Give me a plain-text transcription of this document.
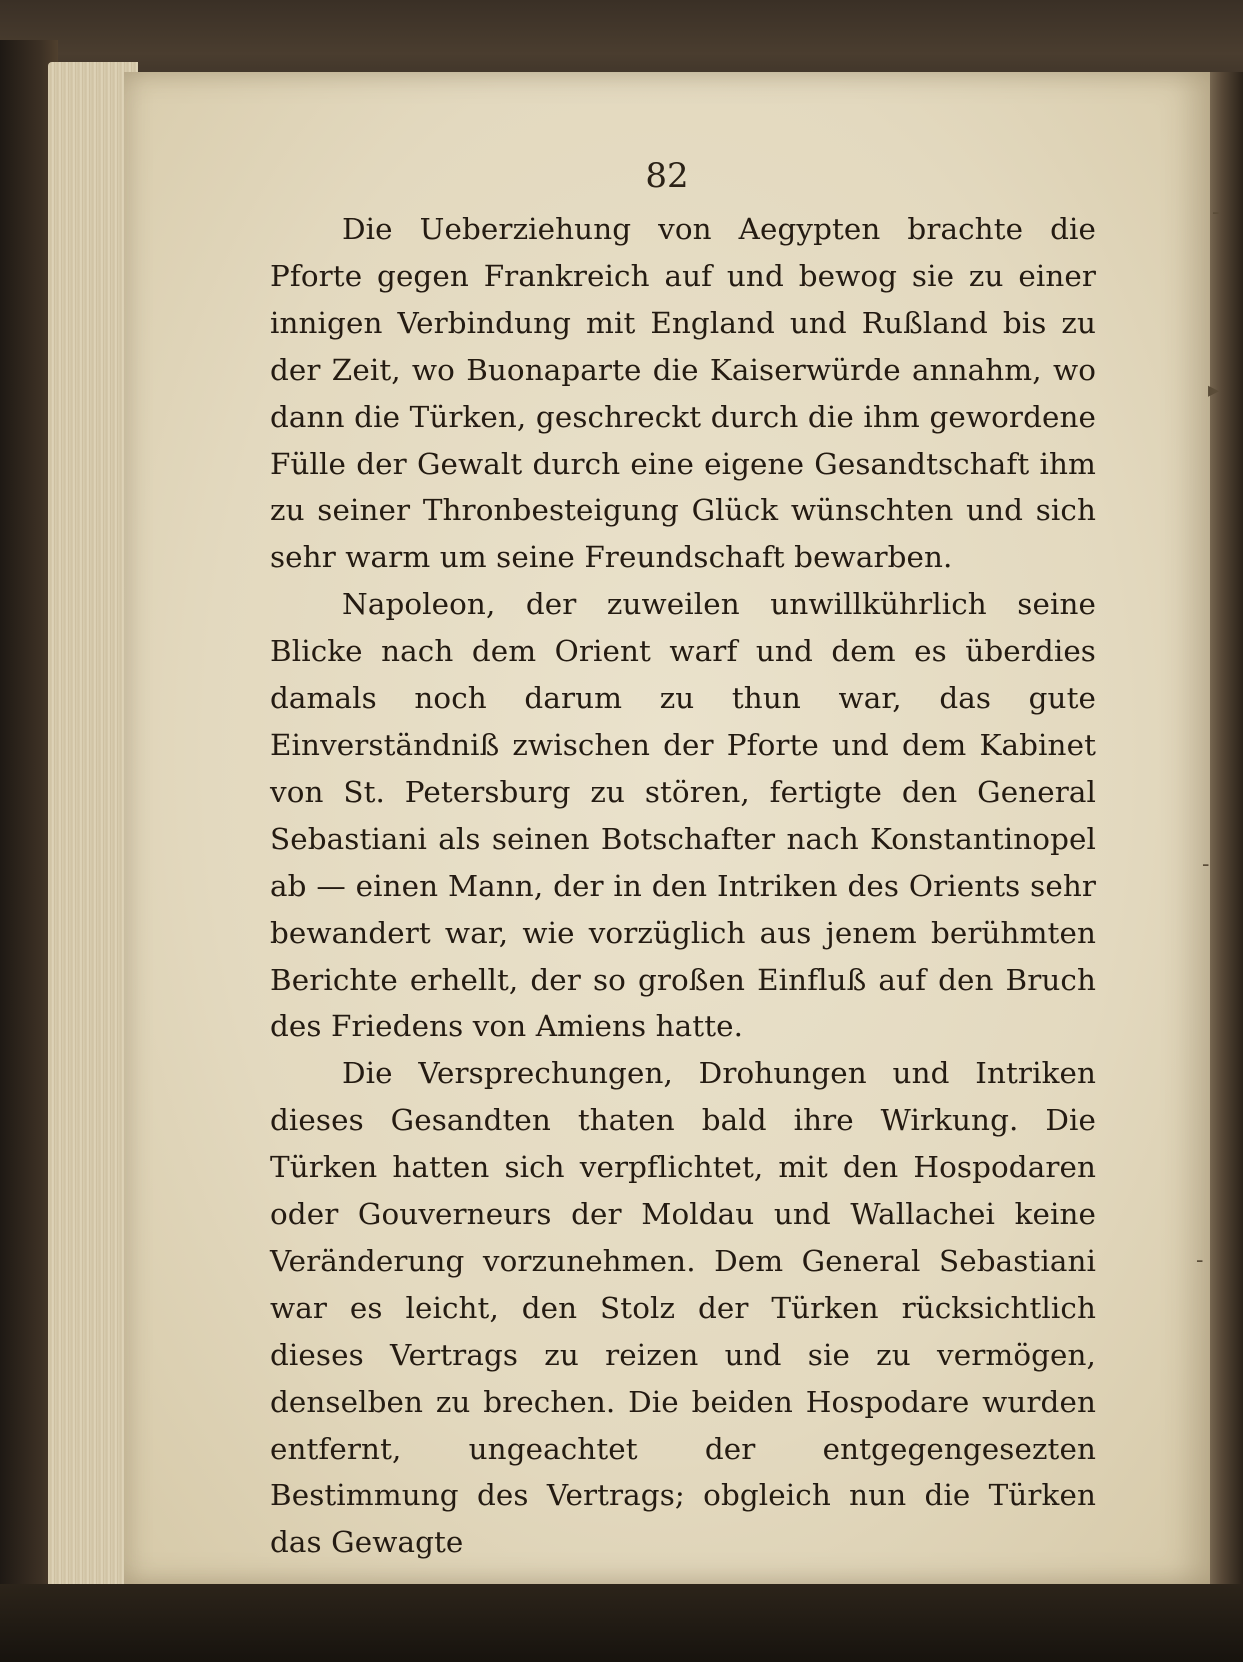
82

Die Ueberziehung von Aegypten brachte die Pforte gegen Frankreich auf und bewog sie zu einer innigen Verbindung mit England und Rußland bis zu der Zeit, wo Buonaparte die Kaiserwürde annahm, wo dann die Türken, geschreckt durch die ihm gewordene Fülle der Gewalt durch eine eigene Gesandtschaft ihm zu seiner Thronbesteigung Glück wünschten und sich sehr warm um seine Freundschaft bewarben.

Napoleon, der zuweilen unwillkührlich seine Blicke nach dem Orient warf und dem es überdies damals noch darum zu thun war, das gute Einverständniß zwischen der Pforte und dem Kabinet von St. Petersburg zu stören, fertigte den General Sebastiani als seinen Botschafter nach Konstantinopel ab — einen Mann, der in den Intriken des Orients sehr bewandert war, wie vorzüglich aus jenem berühmten Berichte erhellt, der so großen Einfluß auf den Bruch des Friedens von Amiens hatte.

Die Versprechungen, Drohungen und Intriken dieses Gesandten thaten bald ihre Wirkung. Die Türken hatten sich verpflichtet, mit den Hospodaren oder Gouverneurs der Moldau und Wallachei keine Veränderung vorzunehmen. Dem General Sebastiani war es leicht, den Stolz der Türken rücksichtlich dieses Vertrags zu reizen und sie zu vermögen, denselben zu brechen. Die beiden Hospodare wurden entfernt, ungeachtet der entgegengesezten Bestimmung des Vertrags; obgleich nun die Türken das Gewagte

-
▸
-
-
